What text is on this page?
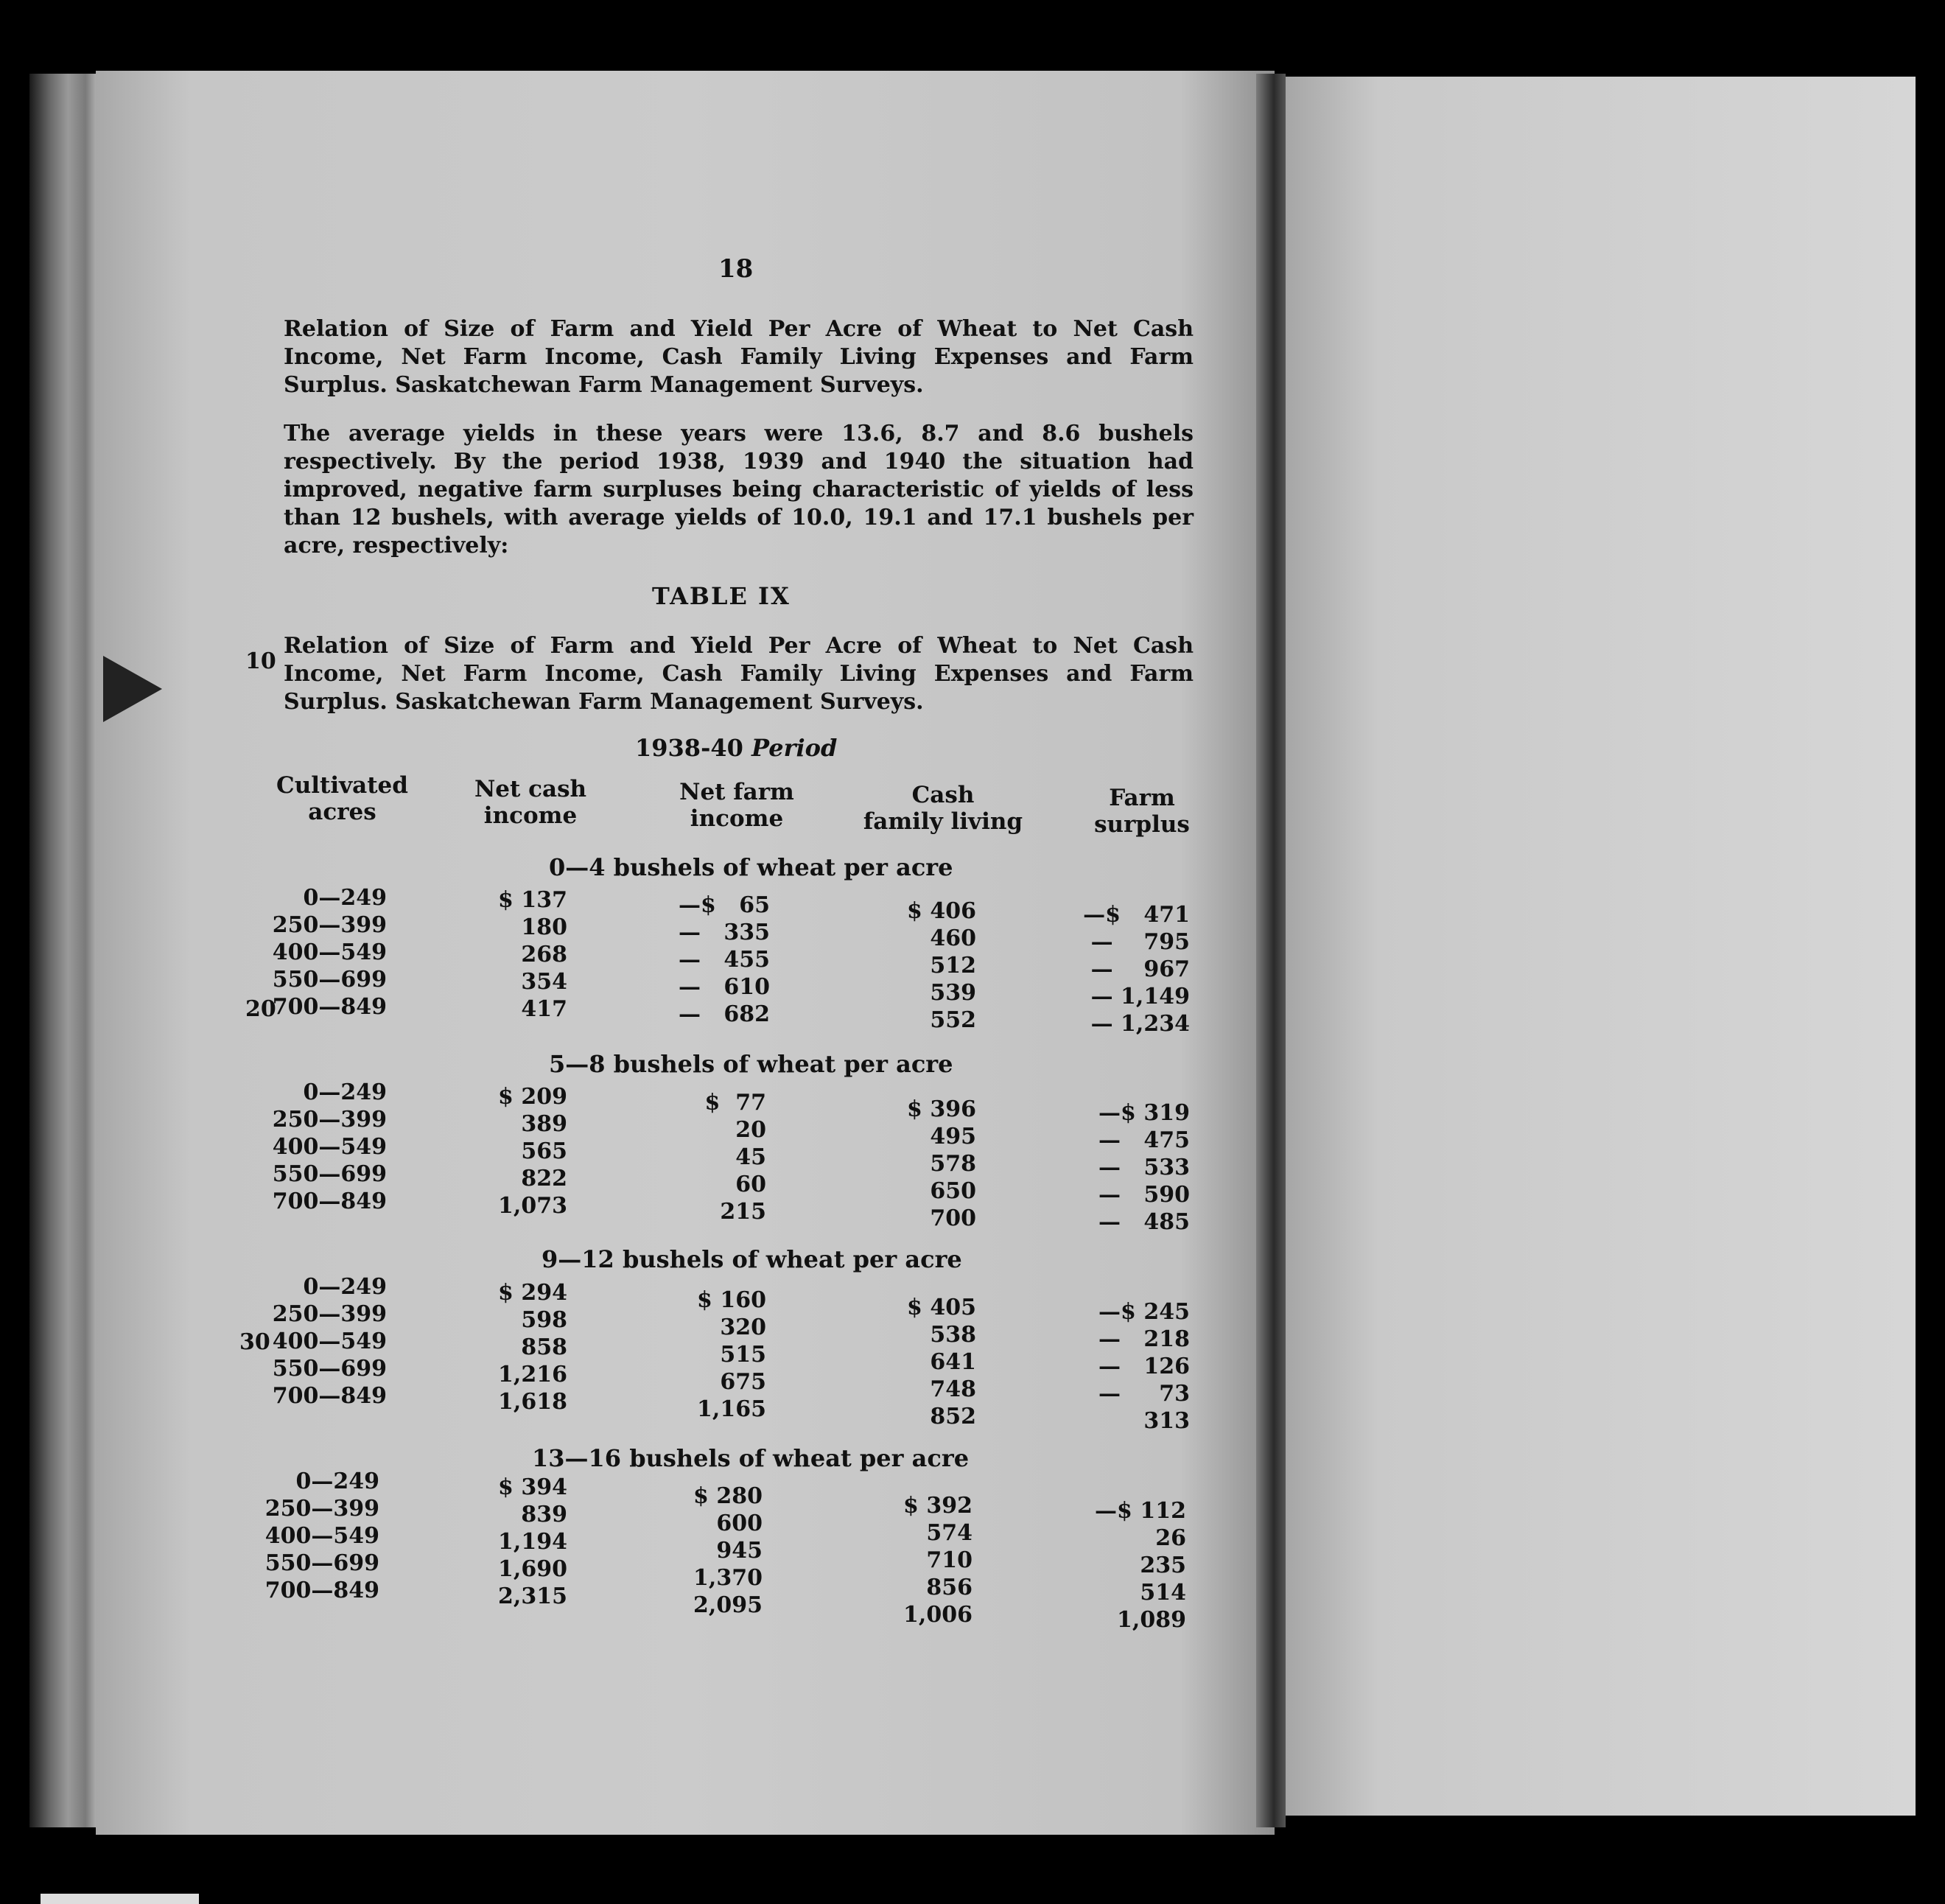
18
Relation of Size of Farm and Yield Per Acre of Wheat to Net Cash Income, Net Farm Income, Cash Family Living Expenses and Farm Surplus. Saskatchewan Farm Management Surveys.
The average yields in these years were 13.6, 8.7 and 8.6 bushels respectively. By the period 1938, 1939 and 1940 the situation had improved, negative farm surpluses being characteristic of yields of less than 12 bushels, with average yields of 10.0, 19.1 and 17.1 bushels per acre, respectively:
TABLE IX
Relation of Size of Farm and Yield Per Acre of Wheat to Net Cash Income, Net Farm Income, Cash Family Living Expenses and Farm Surplus. Saskatchewan Farm Management Surveys.
10
20
30
1938-40 Period
Cultivated
acres
Net cash
income
Net farm
income
Cash
family living
Farm
surplus
0—4 bushels of wheat per acre
0—249
250—399
400—549
550—699
700—849
$ 137
180
268
354
417
—$   65
—   335
—   455
—   610
—   682
$ 406
460
512
539
552
—$   471
—    795
—    967
— 1,149
— 1,234
5—8 bushels of wheat per acre
0—249
250—399
400—549
550—699
700—849
$ 209
389
565
822
1,073
$  77
20
45
60
215
$ 396
495
578
650
700
—$ 319
—   475
—   533
—   590
—   485
9—12 bushels of wheat per acre
0—249
250—399
400—549
550—699
700—849
$ 294
598
858
1,216
1,618
$ 160
320
515
675
1,165
$ 405
538
641
748
852
—$ 245
—   218
—   126
—     73
313
13—16 bushels of wheat per acre
0—249
250—399
400—549
550—699
700—849
$ 394
839
1,194
1,690
2,315
$ 280
600
945
1,370
2,095
$ 392
574
710
856
1,006
—$ 112
26
235
514
1,089
